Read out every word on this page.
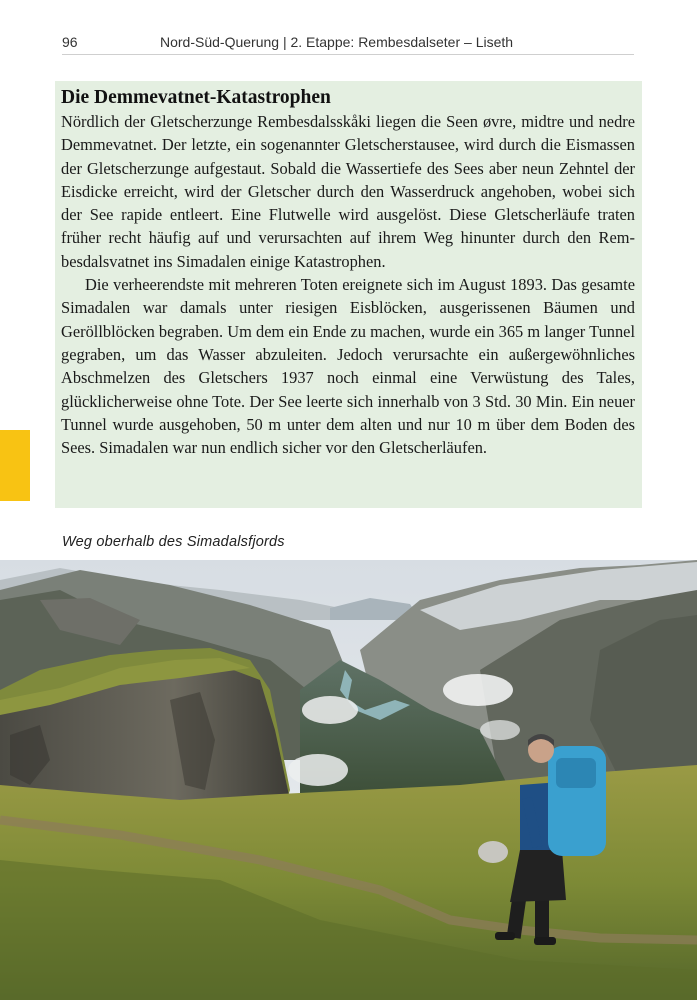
96	Nord-Süd-Querung | 2. Etappe: Rembesdalseter – Liseth
Die Demmevatnet-Katastrophen

Nördlich der Gletscherzunge Rembesdalsskåki liegen die Seen øvre, midtre und nedre Demmevatnet. Der letzte, ein sogenannter Gletscherstausee, wird durch die Eismassen der Gletscherzunge aufgestaut. Sobald die Wassertiefe des Sees aber neun Zehntel der Eisdicke erreicht, wird der Gletscher durch den Wasserdruck angehoben, wobei sich der See rapide entleert. Eine Flutwelle wird ausgelöst. Diese Gletscherläufe traten früher recht häufig auf und verursachten auf ihrem Weg hinunter durch den Rembesdalsvatnet ins Simadalen einige Katastrophen.

Die verheerendste mit mehreren Toten ereignete sich im August 1893. Das gesamte Simadalen war damals unter riesigen Eisblöcken, ausgerissenen Bäumen und Geröllblöcken begraben. Um dem ein Ende zu machen, wurde ein 365 m langer Tunnel gegraben, um das Wasser abzuleiten. Jedoch verursachte ein außergewöhnliches Abschmelzen des Gletschers 1937 noch einmal eine Verwüstung des Tales, glücklicherweise ohne Tote. Der See leerte sich innerhalb von 3 Std. 30 Min. Ein neuer Tunnel wurde ausgehoben, 50 m unter dem alten und nur 10 m über dem Boden des Sees. Simadalen war nun endlich sicher vor den Gletscherläufen.

Weg oberhalb des Simadalsfjords
